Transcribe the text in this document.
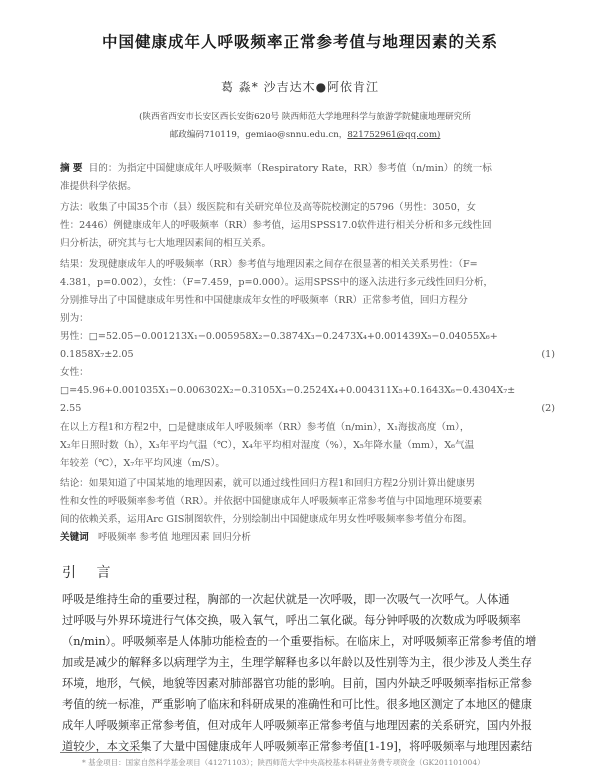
中国健康成年人呼吸频率正常参考值与地理因素的关系
葛 淼* 沙吉达木●阿依肯江
(陕西省西安市长安区西长安街620号 陕西师范大学地理科学与旅游学院健康地理研究所
邮政编码710119，gemiao@snnu.edu.cn，821752961@qq.com)
摘 要 目的：为指定中国健康成年人呼吸频率（Respiratory Rate，RR）参考值（n/min）的统一标
准提供科学依据。
方法：收集了中国35个市（县）级医院和有关研究单位及高等院校测定的5796（男性：3050，女
性：2446）例健康成年人的呼吸频率（RR）参考值，运用SPSS17.0软件进行相关分析和多元线性回
归分析法，研究其与七大地理因素间的相互关系。
结果：发现健康成年人的呼吸频率（RR）参考值与地理因素之间存在很显著的相关关系男性：（F=
4.381，p=0.002），女性：（F=7.459，p=0.000）。运用SPSS中的逐入法进行多元线性回归分析，
分别推导出了中国健康成年男性和中国健康成年女性的呼吸频率（RR）正常参考值，回归方程分
别为：
男性：□=52.05−0.001213X₁−0.005958X₂−0.3874X₃−0.2473X₄+0.001439X₅−0.04055X₆+
0.1858X₇±2.05	(1)
女性：
□=45.96+0.001035X₁−0.006302X₂−0.3105X₃−0.2524X₄+0.004311X₅+0.1643X₆−0.4304X₇±
2.55	(2)
在以上方程1和方程2中，□是健康成年人呼吸频率（RR）参考值（n/min），X₁海拔高度（m），
X₂年日照时数（h），X₃年平均气温（℃），X₄年平均相对湿度（%），X₅年降水量（mm），X₆气温
年较差（℃），X₇年平均风速（m/S）。
结论：如果知道了中国某地的地理因素，就可以通过线性回归方程1和回归方程2分别计算出健康男
性和女性的呼吸频率参考值（RR）。并依据中国健康成年人呼吸频率正常参考值与中国地理环境要素
间的依赖关系，运用Arc GIS制图软件，分别绘制出中国健康成年男女性呼吸频率参考值分布图。
关键词 呼吸频率 参考值 地理因素 回归分析
引 言
呼吸是维持生命的重要过程，胸部的一次起伏就是一次呼吸，即一次吸气一次呼气。人体通
过呼吸与外界环境进行气体交换，吸入氧气，呼出二氧化碳。每分钟呼吸的次数成为呼吸频率
（n/min）。呼吸频率是人体肺功能检查的一个重要指标。在临床上，对呼吸频率正常参考值的增
加或是减少的解释多以病理学为主，生理学解释也多以年龄以及性别等为主，很少涉及人类生存
环境，地形，气候，地貌等因素对肺部器官功能的影响。目前，国内外缺乏呼吸频率指标正常参
考值的统一标准，严重影响了临床和科研成果的准确性和可比性。很多地区测定了本地区的健康
成年人呼吸频率正常参考值，但对成年人呼吸频率正常参考值与地理因素的关系研究，国内外报
道较少，本文采集了大量中国健康成年人呼吸频率正常参考值[1-19]，将呼吸频率与地理因素结
* 基金项目：国家自然科学基金项目（41271103）；陕西师范大学中央高校基本科研业务费专项资金（GK201101004）
